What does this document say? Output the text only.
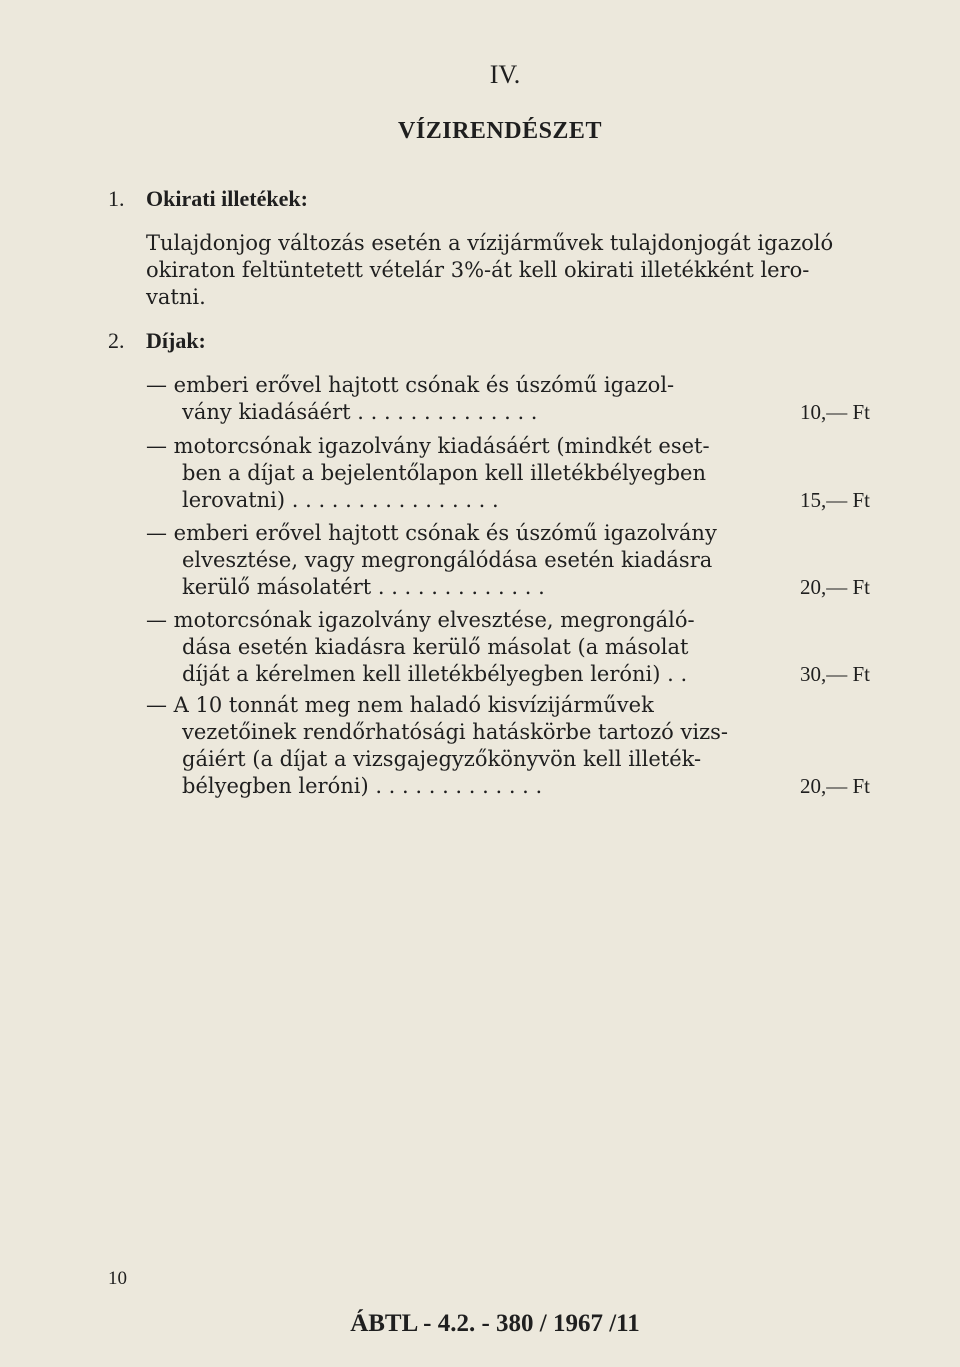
IV.
VÍZIRENDÉSZET
1. Okirati illetékek:
Tulajdonjog változás esetén a vízijárművek tulajdonjogát igazoló
okiraton feltüntetett vételár 3%-át kell okirati illetékként lero-
vatni.
2. Díjak:
— emberi erővel hajtott csónak és úszómű igazol-
vány kiadásáért . . . . . . . . . . . . . .	10,— Ft
— motorcsónak igazolvány kiadásáért (mindkét eset-
ben a díjat a bejelentőlapon kell illetékbélyegben
lerovatni) . . . . . . . . . . . . . . . .	15,— Ft
— emberi erővel hajtott csónak és úszómű igazolvány
elvesztése, vagy megrongálódása esetén kiadásra
kerülő másolatért . . . . . . . . . . . . .	20,— Ft
— motorcsónak igazolvány elvesztése, megrongáló-
dása esetén kiadásra kerülő másolat (a másolat
díját a kérelmen kell illetékbélyegben leróni) . .	30,— Ft
— A 10 tonnát meg nem haladó kisvízijárművek
vezetőinek rendőrhatósági hatáskörbe tartozó vizs-
gáiért (a díjat a vizsgajegyzőkönyvön kell illeték-
bélyegben leróni) . . . . . . . . . . . . .	20,— Ft
10
ÁBTL - 4.2. - 380 / 1967 /11
